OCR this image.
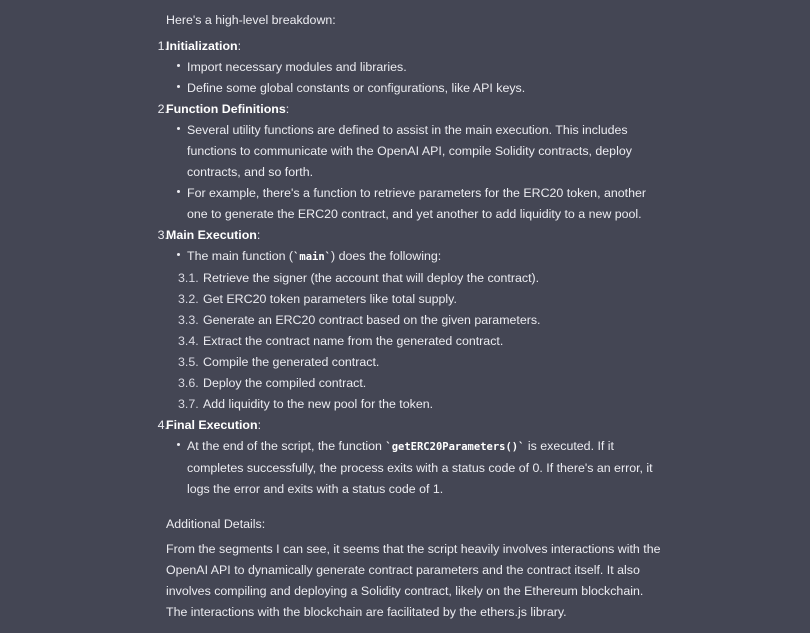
Here's a high-level breakdown:

1.
Initialization:
Import necessary modules and libraries.
Define some global constants or configurations, like API keys.
2.
Function Definitions:
Several utility functions are defined to assist in the main execution. This includes functions to communicate with the OpenAI API, compile Solidity contracts, deploy contracts, and so forth.
For example, there's a function to retrieve parameters for the ERC20 token, another one to generate the ERC20 contract, and yet another to add liquidity to a new pool.
3.
Main Execution:
The main function (`main`) does the following:
3.1. Retrieve the signer (the account that will deploy the contract).
3.2. Get ERC20 token parameters like total supply.
3.3. Generate an ERC20 contract based on the given parameters.
3.4. Extract the contract name from the generated contract.
3.5. Compile the generated contract.
3.6. Deploy the compiled contract.
3.7. Add liquidity to the new pool for the token.
4.
Final Execution:
At the end of the script, the function `getERC20Parameters()` is executed. If it completes successfully, the process exits with a status code of 0. If there's an error, it logs the error and exits with a status code of 1.

Additional Details:

From the segments I can see, it seems that the script heavily involves interactions with the OpenAI API to dynamically generate contract parameters and the contract itself. It also involves compiling and deploying a Solidity contract, likely on the Ethereum blockchain. The interactions with the blockchain are facilitated by the ethers.js library.
